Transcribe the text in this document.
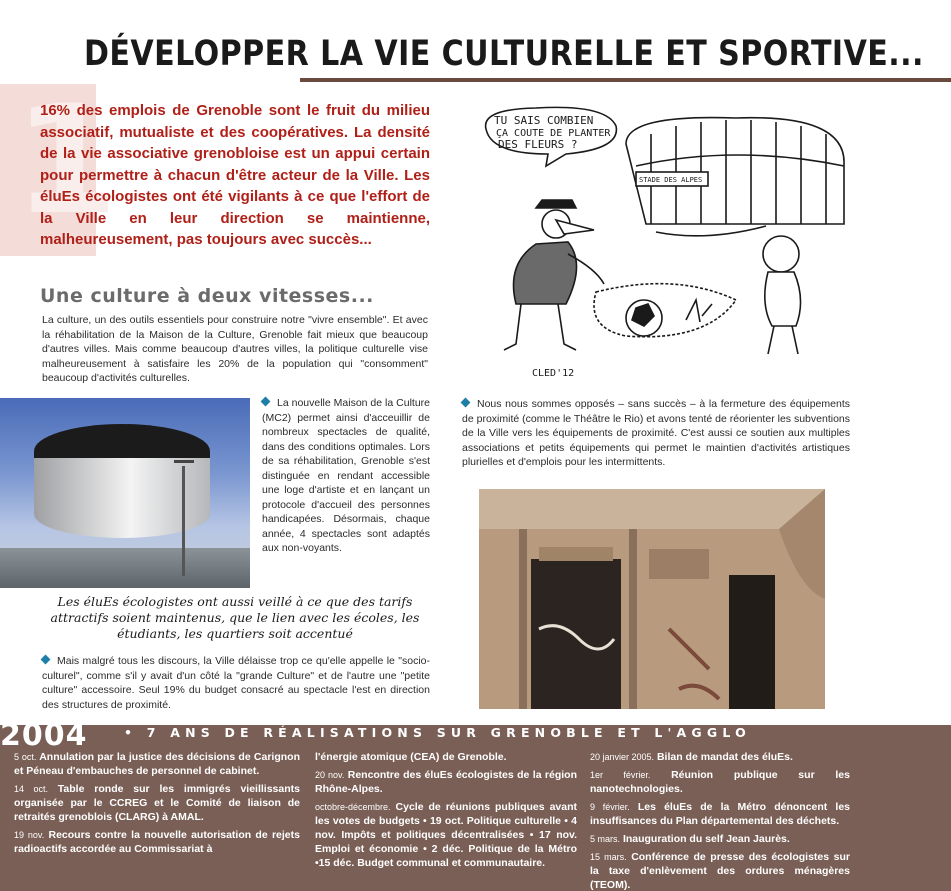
1
DÉVELOPPER LA VIE CULTURELLE ET SPORTIVE...

16% des emplois de Grenoble sont le fruit du milieu associatif, mutualiste et des coopératives. La densité de la vie associative grenobloise est un appui certain pour permettre à chacun d'être acteur de la Ville. Les éluEs écologistes ont été vigilants à ce que l'effort de la Ville en leur direction se maintienne, malheureusement, pas toujours avec succès...

Une culture à deux vitesses...

La culture, un des outils essentiels pour construire notre "vivre ensemble". Et avec la réhabilitation de la Maison de la Culture, Grenoble fait mieux que beaucoup d'autres villes. Mais comme beaucoup d'autres villes, la politique culturelle vise malheureusement à satisfaire les 20% de la population qui "consomment" beaucoup d'activités culturelles.

La nouvelle Maison de la Culture (MC2) permet ainsi d'acceuillir de nombreux spectacles de qualité, dans des conditions optimales. Lors de sa réhabilitation, Grenoble s'est distinguée en rendant accessible une loge d'artiste et en lançant un protocole d'accueil des personnes handicapées. Désormais, chaque année, 4 spectacles sont adaptés aux non-voyants.

Les éluEs écologistes ont aussi veillé à ce que des tarifs attractifs soient maintenus, que le lien avec les écoles, les étudiants, les quartiers soit accentué

Mais malgré tous les discours, la Ville délaisse trop ce qu'elle appelle le "socio-culturel", comme s'il y avait d'un côté la "grande Culture" et de l'autre une "petite culture" accessoire. Seul 19% du budget consacré au spectacle l'est en direction des structures de proximité.
TU SAIS COMBIEN
ÇA COUTE DE PLANTER
DES FLEURS ?
STADE DES ALPES
CLED'12
Nous nous sommes opposés – sans succès – à la fermeture des équipements de proximité (comme le Théâtre le Rio) et avons tenté de réorienter les subventions de la Ville vers les équipements de proximité. C'est aussi ce soutien aux multiples associations et petits équipements qui permet le maintien d'activités artistiques plurielles et d'emplois pour les intermittents.
2004	• 7 ANS DE RÉALISATIONS SUR GRENOBLE ET L'AGGLO

5 oct. Annulation par la justice des décisions de Carignon et Péneau d'embauches de personnel de cabinet.

14 oct. Table ronde sur les immigrés vieillissants organisée par le CCREG et le Comité de liaison de retraités grenoblois (CLARG) à AMAL.

19 nov. Recours contre la nouvelle autorisation de rejets radioactifs accordée au Commissariat à

l'énergie atomique (CEA) de Grenoble.

20 nov. Rencontre des éluEs écologistes de la région Rhône-Alpes.

octobre-décembre. Cycle de réunions publiques avant les votes de budgets • 19 oct. Politique culturelle • 4 nov. Impôts et politiques décentralisées • 17 nov. Emploi et économie • 2 déc. Politique de la Métro •15 déc. Budget communal et communautaire.

20 janvier 2005. Bilan de mandat des éluEs.

1er février. Réunion publique sur les nanotechnologies.

9 février. Les éluEs de la Métro dénoncent les insuffisances du Plan départemental des déchets.

5 mars. Inauguration du self Jean Jaurès.

15 mars. Conférence de presse des écologistes sur la taxe d'enlèvement des ordures ménagères (TEOM).
